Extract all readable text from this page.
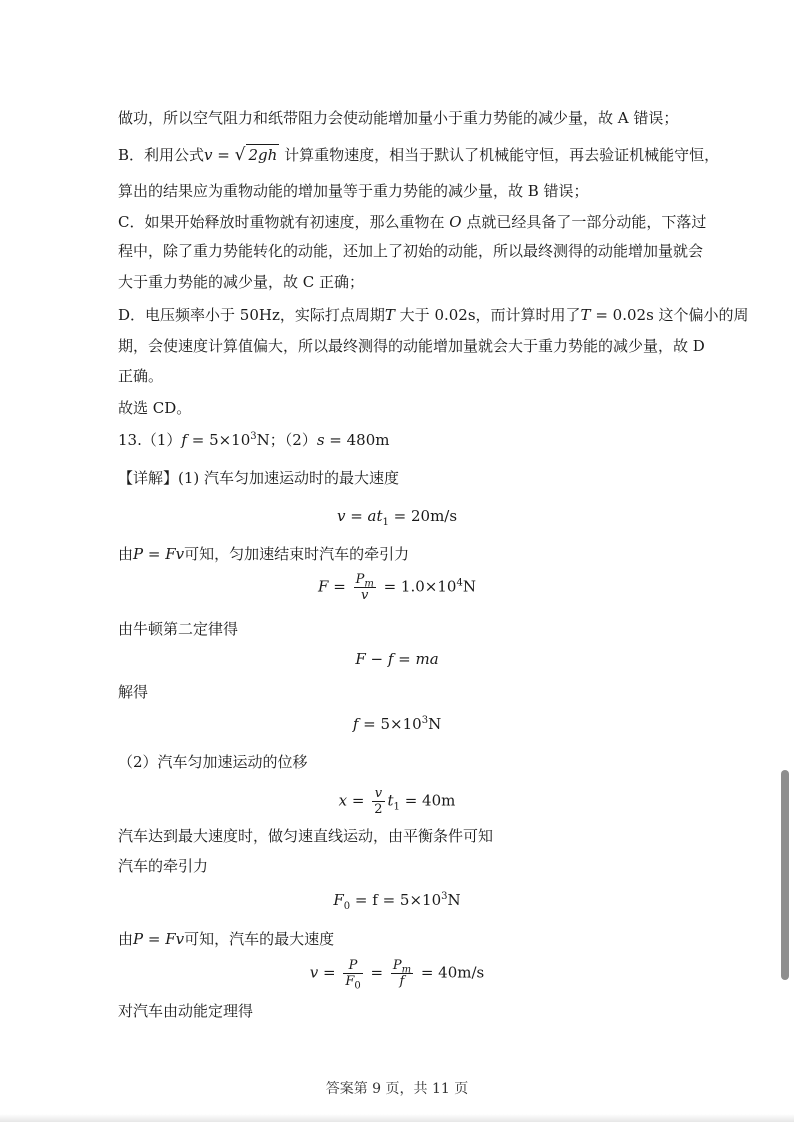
做功，所以空气阻力和纸带阻力会使动能增加量小于重力势能的减少量，故 A 错误；
B．利用公式v = √ 2gh 计算重物速度，相当于默认了机械能守恒，再去验证机械能守恒，
算出的结果应为重物动能的增加量等于重力势能的减少量，故 B 错误；
C．如果开始释放时重物就有初速度，那么重物在 O 点就已经具备了一部分动能，下落过
程中，除了重力势能转化的动能，还加上了初始的动能，所以最终测得的动能增加量就会
大于重力势能的减少量，故 C 正确；
D．电压频率小于 50Hz，实际打点周期T 大于 0.02s，而计算时用了T = 0.02s 这个偏小的周
期，会使速度计算值偏大，所以最终测得的动能增加量就会大于重力势能的减少量，故 D
正确。
故选 CD。
$13.(1)f = 5\times 10^3N$；（2）s = 480m
【详解】(1) 汽车匀加速运动时的最大速度
$v = at_1 = 20m/s$
由P = Fv可知，匀加速结束时汽车的牵引力
$F = \frac{P_m}{v} = 1.0\times 10^4N$
由牛顿第二定律得
F − f = ma
解得
$f = 5\times 10^3N$
（2）汽车匀加速运动的位移
$x = \frac{v}{2} t_1 = 40m$
汽车达到最大速度时，做匀速直线运动，由平衡条件可知
汽车的牵引力
$F_0 = f = 5\times 10^3N$
由P = Fv可知，汽车的最大速度
$v = \frac{P}{F_0} = \frac{P_m}{f} = 40m/s$
对汽车由动能定理得
答案第 9 页，共 11 页
